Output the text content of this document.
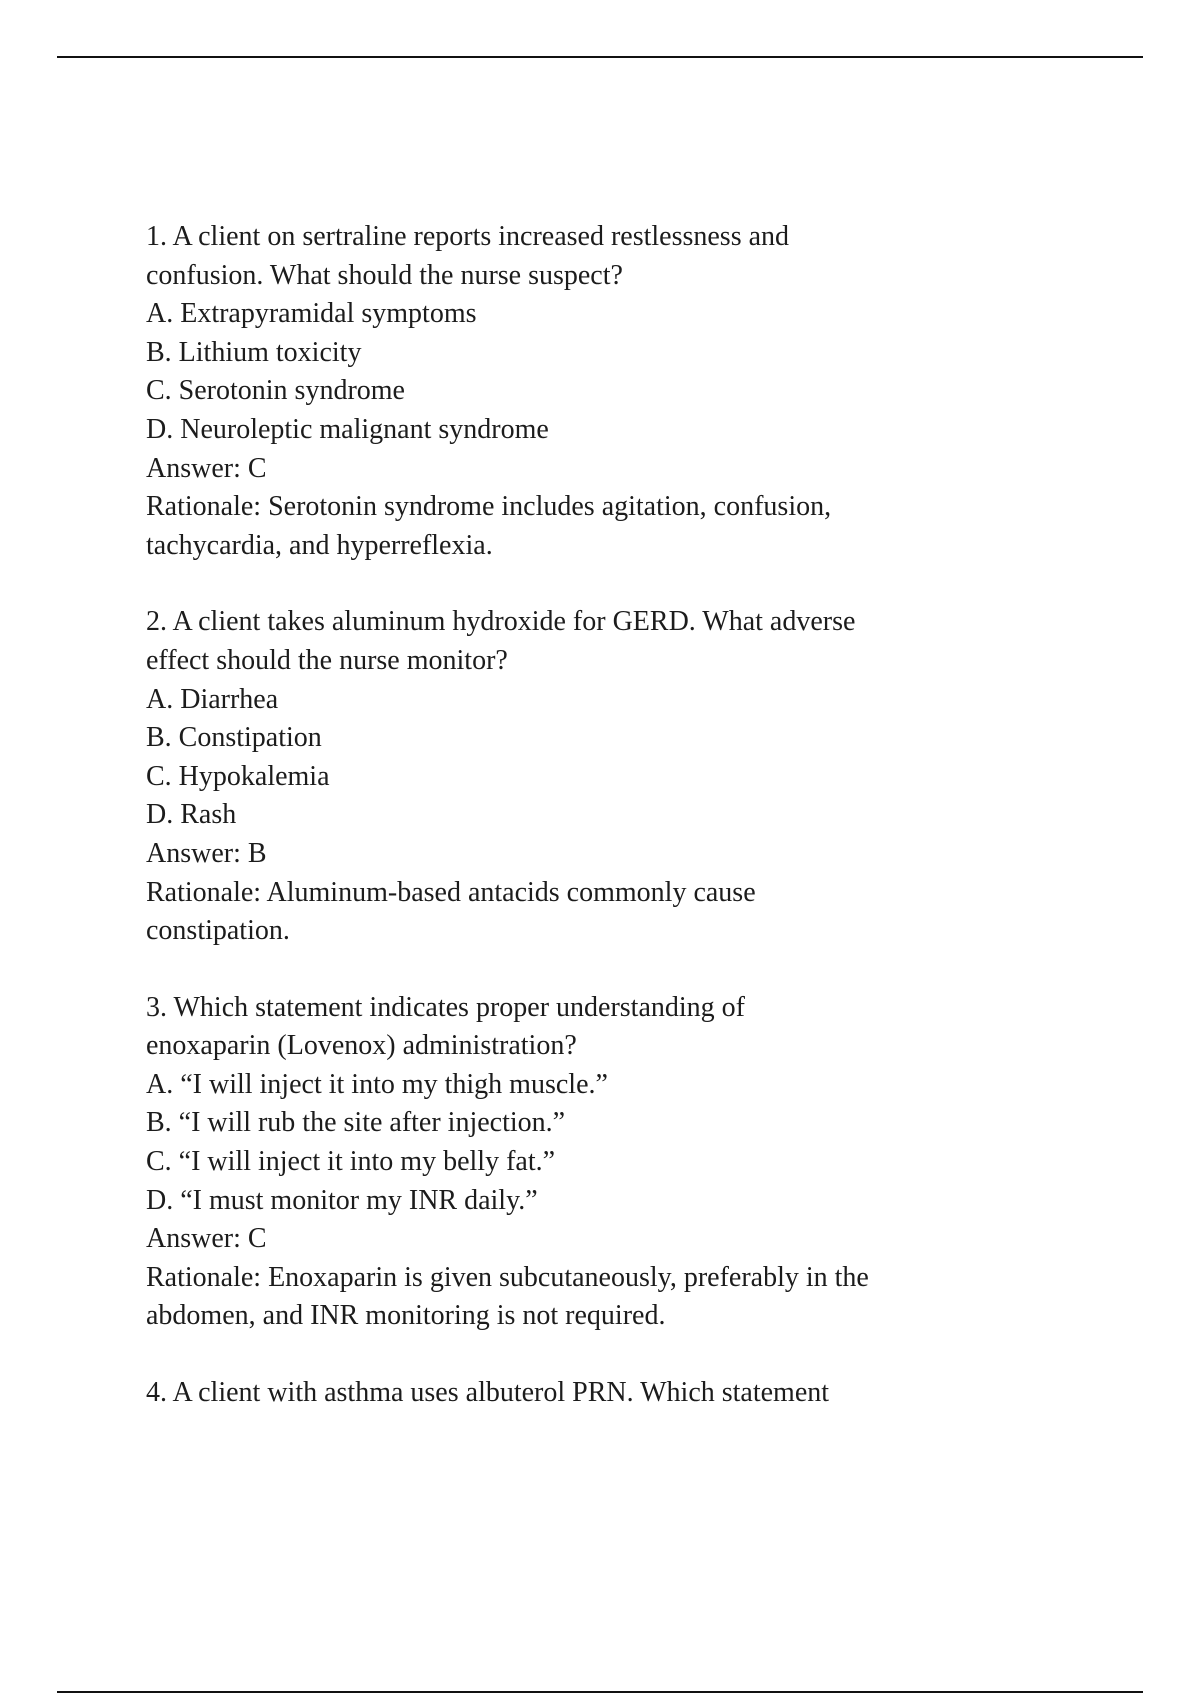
1. A client on sertraline reports increased restlessness and
confusion. What should the nurse suspect?
A. Extrapyramidal symptoms
B. Lithium toxicity
C. Serotonin syndrome
D. Neuroleptic malignant syndrome
Answer: C
Rationale: Serotonin syndrome includes agitation, confusion,
tachycardia, and hyperreflexia.
2. A client takes aluminum hydroxide for GERD. What adverse
effect should the nurse monitor?
A. Diarrhea
B. Constipation
C. Hypokalemia
D. Rash
Answer: B
Rationale: Aluminum-based antacids commonly cause
constipation.
3. Which statement indicates proper understanding of
enoxaparin (Lovenox) administration?
A. “I will inject it into my thigh muscle.”
B. “I will rub the site after injection.”
C. “I will inject it into my belly fat.”
D. “I must monitor my INR daily.”
Answer: C
Rationale: Enoxaparin is given subcutaneously, preferably in the
abdomen, and INR monitoring is not required.
4. A client with asthma uses albuterol PRN. Which statement
